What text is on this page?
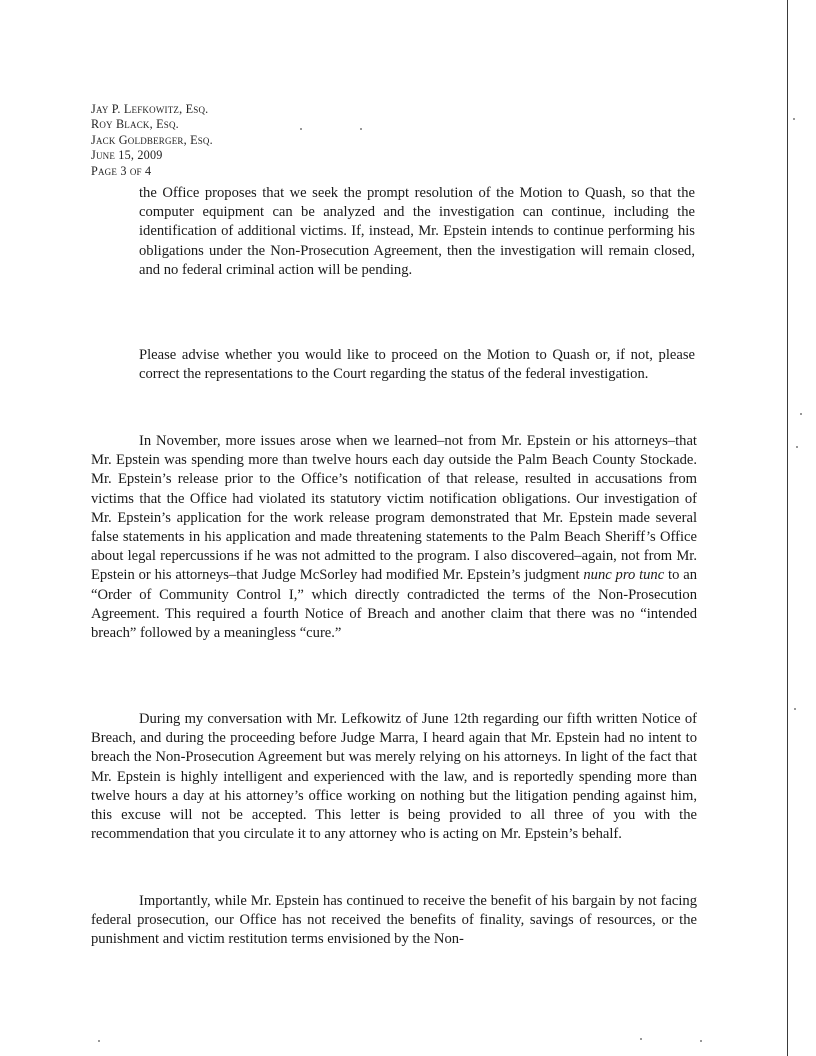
Jay P. Lefkowitz, Esq.
Roy Black, Esq.
Jack Goldberger, Esq.
June 15, 2009
Page 3 of 4

the Office proposes that we seek the prompt resolution of the Motion to Quash, so that the computer equipment can be analyzed and the investigation can continue, including the identification of additional victims. If, instead, Mr. Epstein intends to continue performing his obligations under the Non-Prosecution Agreement, then the investigation will remain closed, and no federal criminal action will be pending.

Please advise whether you would like to proceed on the Motion to Quash or, if not, please correct the representations to the Court regarding the status of the federal investigation.

In November, more issues arose when we learned–not from Mr. Epstein or his attorneys–that Mr. Epstein was spending more than twelve hours each day outside the Palm Beach County Stockade. Mr. Epstein’s release prior to the Office’s notification of that release, resulted in accusations from victims that the Office had violated its statutory victim notification obligations. Our investigation of Mr. Epstein’s application for the work release program demonstrated that Mr. Epstein made several false statements in his application and made threatening statements to the Palm Beach Sheriff’s Office about legal repercussions if he was not admitted to the program. I also discovered–again, not from Mr. Epstein or his attorneys–that Judge McSorley had modified Mr. Epstein’s judgment nunc pro tunc to an “Order of Community Control I,” which directly contradicted the terms of the Non-Prosecution Agreement. This required a fourth Notice of Breach and another claim that there was no “intended breach” followed by a meaningless “cure.”

During my conversation with Mr. Lefkowitz of June 12th regarding our fifth written Notice of Breach, and during the proceeding before Judge Marra, I heard again that Mr. Epstein had no intent to breach the Non-Prosecution Agreement but was merely relying on his attorneys. In light of the fact that Mr. Epstein is highly intelligent and experienced with the law, and is reportedly spending more than twelve hours a day at his attorney’s office working on nothing but the litigation pending against him, this excuse will not be accepted. This letter is being provided to all three of you with the recommendation that you circulate it to any attorney who is acting on Mr. Epstein’s behalf.

Importantly, while Mr. Epstein has continued to receive the benefit of his bargain by not facing federal prosecution, our Office has not received the benefits of finality, savings of resources, or the punishment and victim restitution terms envisioned by the Non-
